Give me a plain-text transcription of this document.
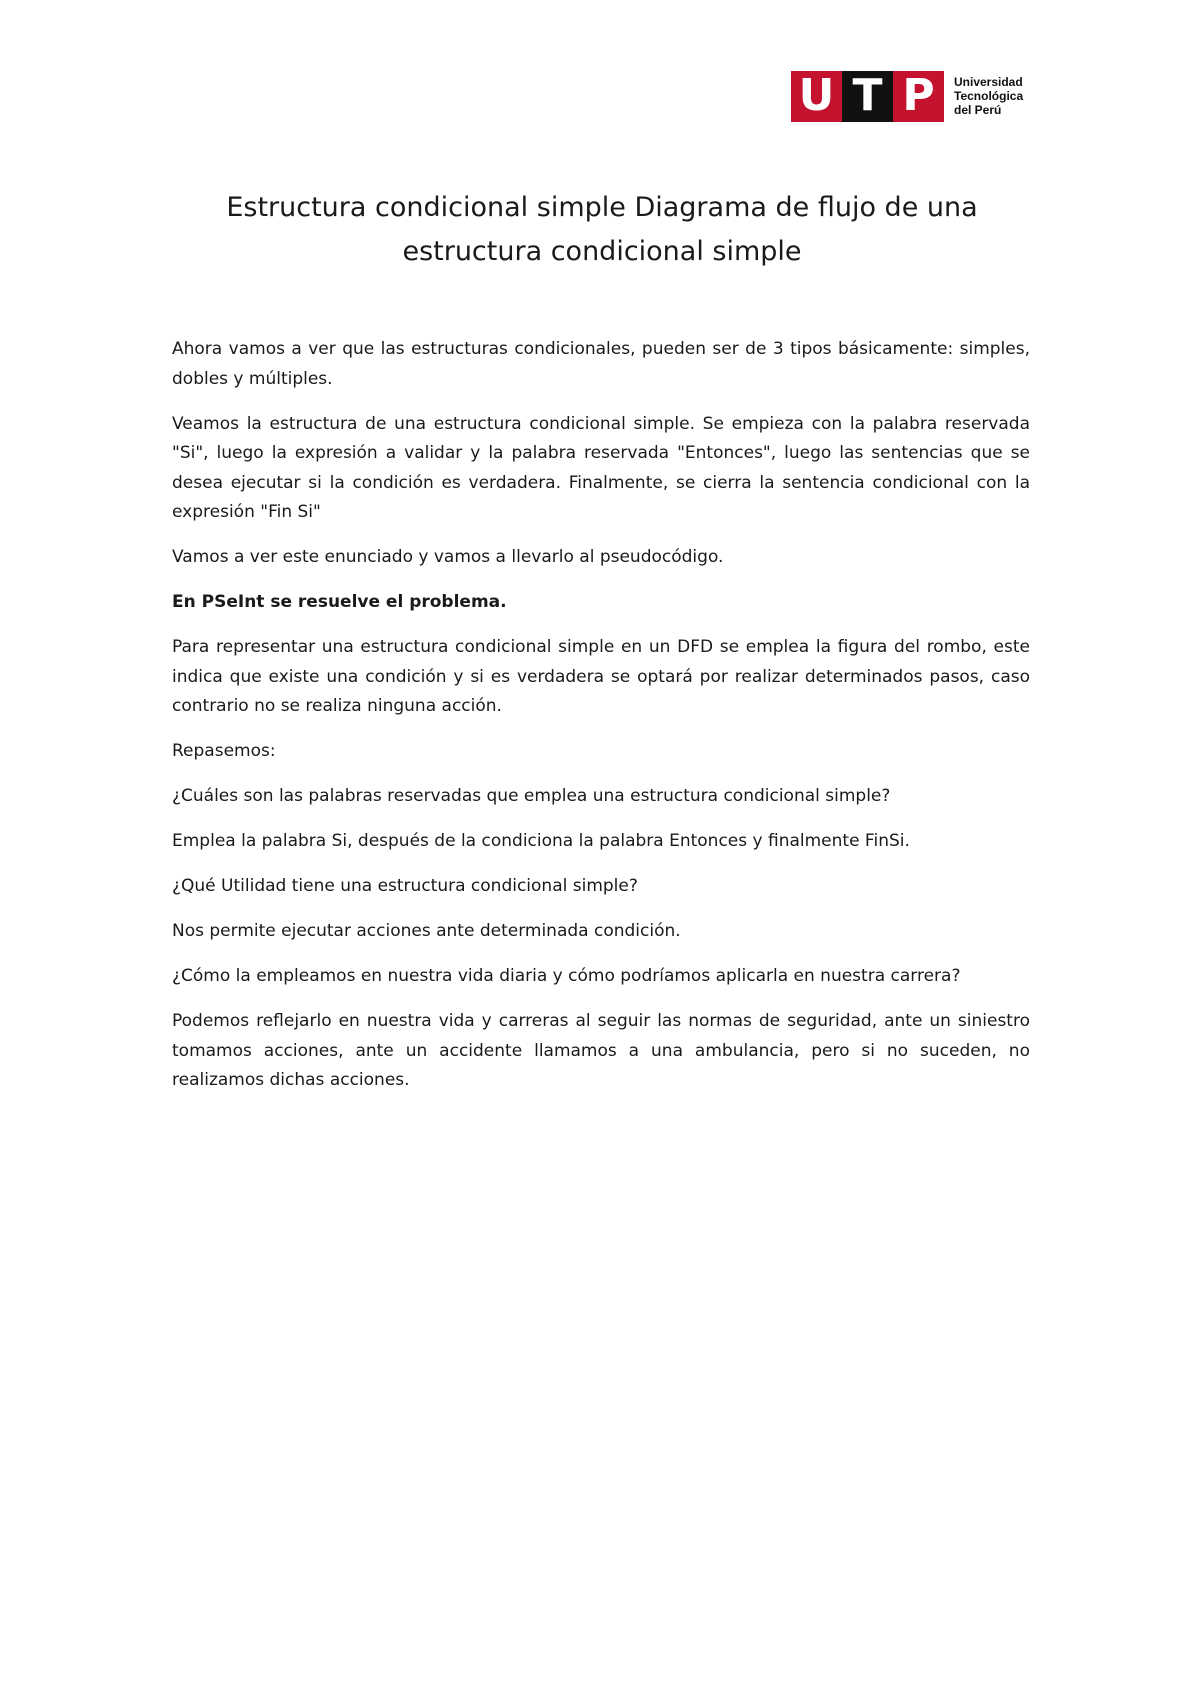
U T P	Universidad
Tecnológica
del Perú
Estructura condicional simple Diagrama de flujo de una
estructura condicional simple

Ahora vamos a ver que las estructuras condicionales, pueden ser de 3 tipos básicamente: simples, dobles y múltiples.

Veamos la estructura de una estructura condicional simple. Se empieza con la palabra reservada "Si", luego la expresión a validar y la palabra reservada "Entonces", luego las sentencias que se desea ejecutar si la condición es verdadera. Finalmente, se cierra la sentencia condicional con la expresión "Fin Si"

Vamos a ver este enunciado y vamos a llevarlo al pseudocódigo.

En PSeInt se resuelve el problema.

Para representar una estructura condicional simple en un DFD se emplea la figura del rombo, este indica que existe una condición y si es verdadera se optará por realizar determinados pasos, caso contrario no se realiza ninguna acción.

Repasemos:

¿Cuáles son las palabras reservadas que emplea una estructura condicional simple?

Emplea la palabra Si, después de la condiciona la palabra Entonces y finalmente FinSi.

¿Qué Utilidad tiene una estructura condicional simple?

Nos permite ejecutar acciones ante determinada condición.

¿Cómo la empleamos en nuestra vida diaria y cómo podríamos aplicarla en nuestra carrera?

Podemos reflejarlo en nuestra vida y carreras al seguir las normas de seguridad, ante un siniestro tomamos acciones, ante un accidente llamamos a una ambulancia, pero si no suceden, no realizamos dichas acciones.
